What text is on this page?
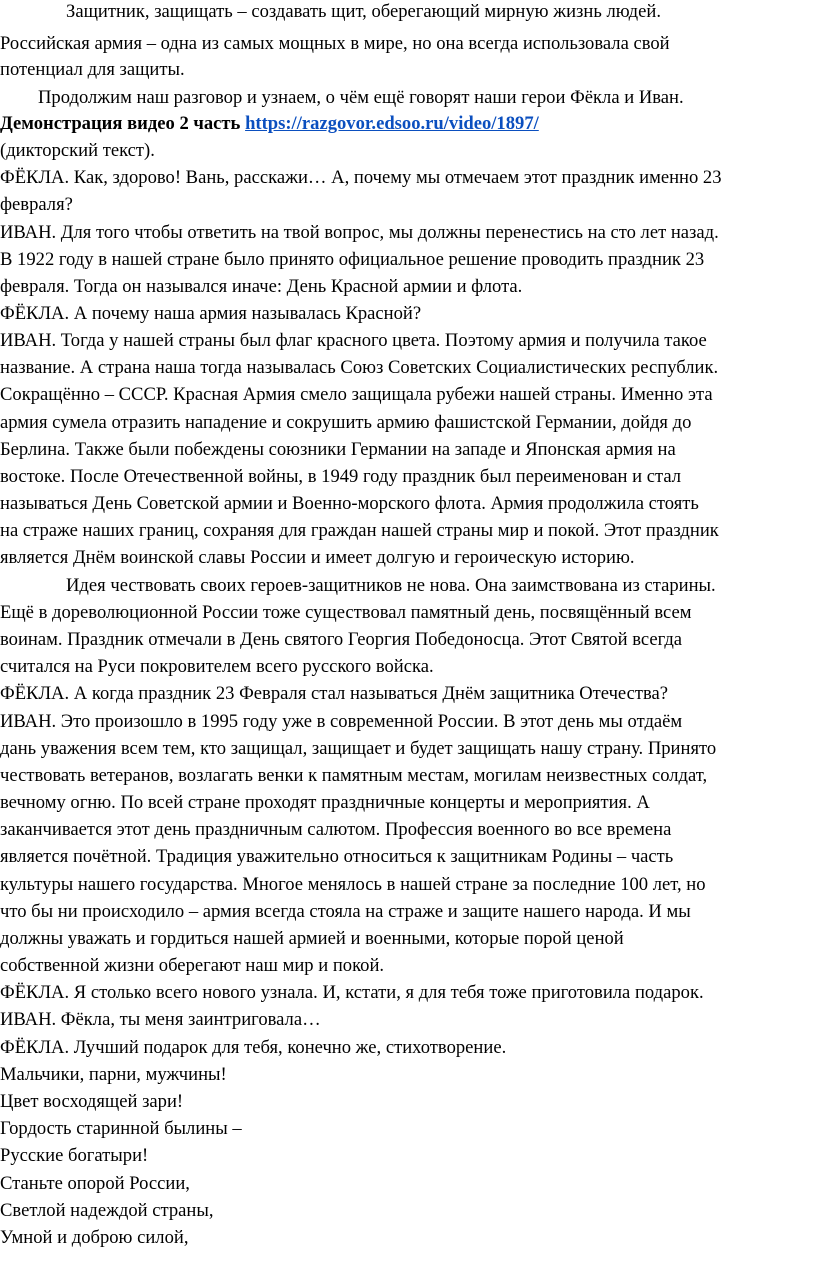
Защитник, защищать – создавать щит, оберегающий мирную жизнь людей.
Российская армия – одна из самых мощных в мире, но она всегда использовала свой
потенциал для защиты.
Продолжим наш разговор и узнаем, о чём ещё говорят наши герои Фёкла и Иван.
Демонстрация видео 2 часть https://razgovor.edsoo.ru/video/1897/
(дикторский текст).
ФЁКЛА. Как, здорово! Вань, расскажи… А, почему мы отмечаем этот праздник именно 23
февраля?
ИВАН. Для того чтобы ответить на твой вопрос, мы должны перенестись на сто лет назад.
В 1922 году в нашей стране было принято официальное решение проводить праздник 23
февраля. Тогда он назывался иначе: День Красной армии и флота.
ФЁКЛА. А почему наша армия называлась Красной?
ИВАН. Тогда у нашей страны был флаг красного цвета. Поэтому армия и получила такое
название. А страна наша тогда называлась Союз Советских Социалистических республик.
Сокращённо – СССР. Красная Армия смело защищала рубежи нашей страны. Именно эта
армия сумела отразить нападение и сокрушить армию фашистской Германии, дойдя до
Берлина. Также были побеждены союзники Германии на западе и Японская армия на
востоке. После Отечественной войны, в 1949 году праздник был переименован и стал
называться День Советской армии и Военно-морского флота. Армия продолжила стоять
на страже наших границ, сохраняя для граждан нашей страны мир и покой. Этот праздник
является Днём воинской славы России и имеет долгую и героическую историю.
Идея чествовать своих героев-защитников не нова. Она заимствована из старины.
Ещё в дореволюционной России тоже существовал памятный день, посвящённый всем
воинам. Праздник отмечали в День святого Георгия Победоносца. Этот Святой всегда
считался на Руси покровителем всего русского войска.
ФЁКЛА. А когда праздник 23 Февраля стал называться Днём защитника Отечества?
ИВАН. Это произошло в 1995 году уже в современной России. В этот день мы отдаём
дань уважения всем тем, кто защищал, защищает и будет защищать нашу страну. Принято
чествовать ветеранов, возлагать венки к памятным местам, могилам неизвестных солдат,
вечному огню. По всей стране проходят праздничные концерты и мероприятия. А
заканчивается этот день праздничным салютом. Профессия военного во все времена
является почётной. Традиция уважительно относиться к защитникам Родины – часть
культуры нашего государства. Многое менялось в нашей стране за последние 100 лет, но
что бы ни происходило – армия всегда стояла на страже и защите нашего народа. И мы
должны уважать и гордиться нашей армией и военными, которые порой ценой
собственной жизни оберегают наш мир и покой.
ФЁКЛА. Я столько всего нового узнала. И, кстати, я для тебя тоже приготовила подарок.
ИВАН. Фёкла, ты меня заинтриговала…
ФЁКЛА. Лучший подарок для тебя, конечно же, стихотворение.
Мальчики, парни, мужчины!
Цвет восходящей зари!
Гордость старинной былины –
Русские богатыри!
Станьте опорой России,
Светлой надеждой страны,
Умной и доброю силой,
